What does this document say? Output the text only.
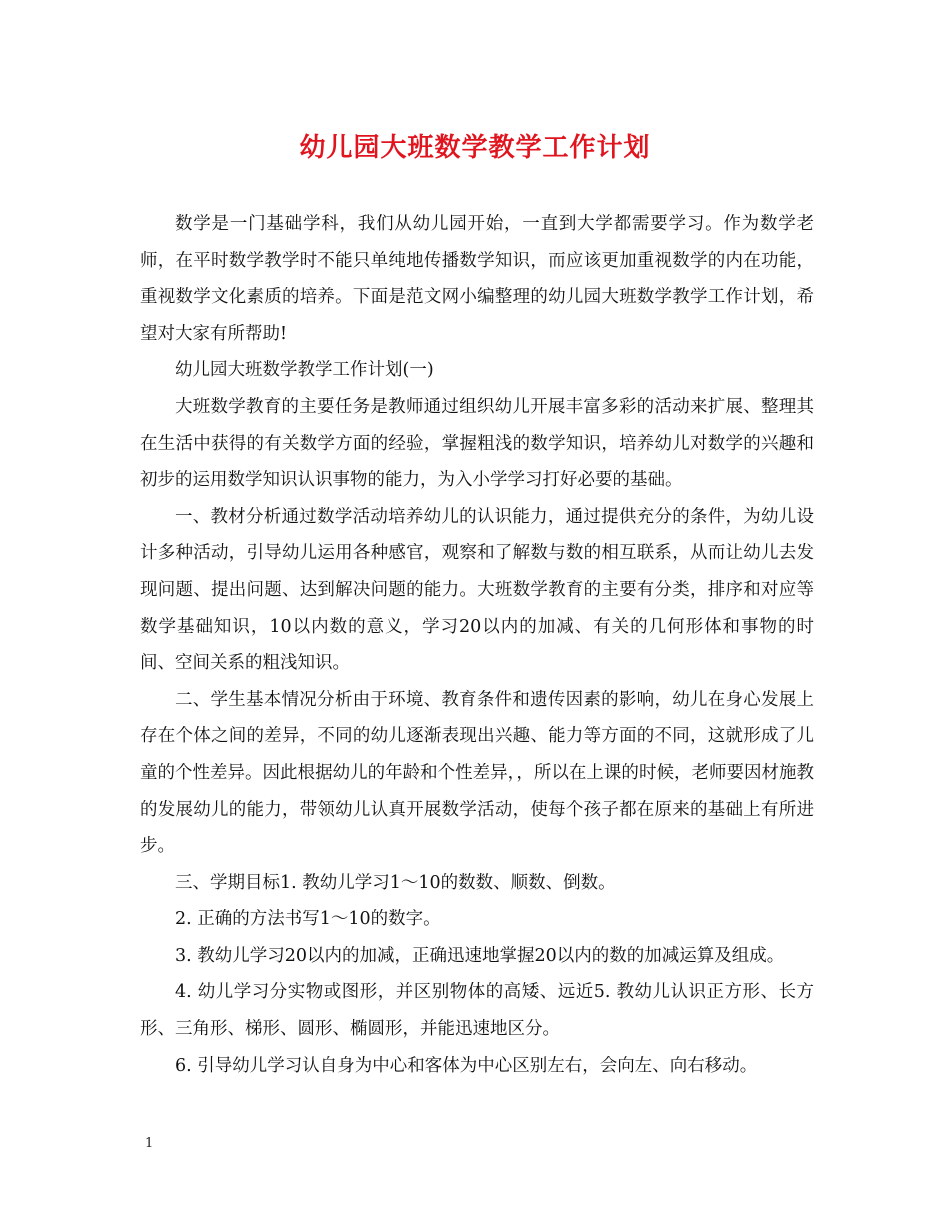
幼儿园大班数学教学工作计划

数学是一门基础学科，我们从幼儿园开始，一直到大学都需要学习。作为数学老师，在平时数学教学时不能只单纯地传播数学知识，而应该更加重视数学的内在功能，重视数学文化素质的培养。下面是范文网小编整理的幼儿园大班数学教学工作计划，希望对大家有所帮助!

幼儿园大班数学教学工作计划(一)

大班数学教育的主要任务是教师通过组织幼儿开展丰富多彩的活动来扩展、整理其在生活中获得的有关数学方面的经验，掌握粗浅的数学知识，培养幼儿对数学的兴趣和初步的运用数学知识认识事物的能力，为入小学学习打好必要的基础。

一、教材分析通过数学活动培养幼儿的认识能力，通过提供充分的条件，为幼儿设计多种活动，引导幼儿运用各种感官，观察和了解数与数的相互联系，从而让幼儿去发现问题、提出问题、达到解决问题的能力。大班数学教育的主要有分类，排序和对应等数学基础知识，10以内数的意义，学习20以内的加减、有关的几何形体和事物的时间、空间关系的粗浅知识。

二、学生基本情况分析由于环境、教育条件和遗传因素的影响，幼儿在身心发展上存在个体之间的差异，不同的幼儿逐渐表现出兴趣、能力等方面的不同，这就形成了儿童的个性差异。因此根据幼儿的年龄和个性差异，，所以在上课的时候，老师要因材施教的发展幼儿的能力，带领幼儿认真开展数学活动，使每个孩子都在原来的基础上有所进步。

三、学期目标1. 教幼儿学习1～10的数数、顺数、倒数。

2. 正确的方法书写1～10的数字。

3. 教幼儿学习20以内的加减，正确迅速地掌握20以内的数的加减运算及组成。

4. 幼儿学习分实物或图形，并区别物体的高矮、远近5. 教幼儿认识正方形、长方形、三角形、梯形、圆形、椭圆形，并能迅速地区分。

6. 引导幼儿学习认自身为中心和客体为中心区别左右，会向左、向右移动。

1
